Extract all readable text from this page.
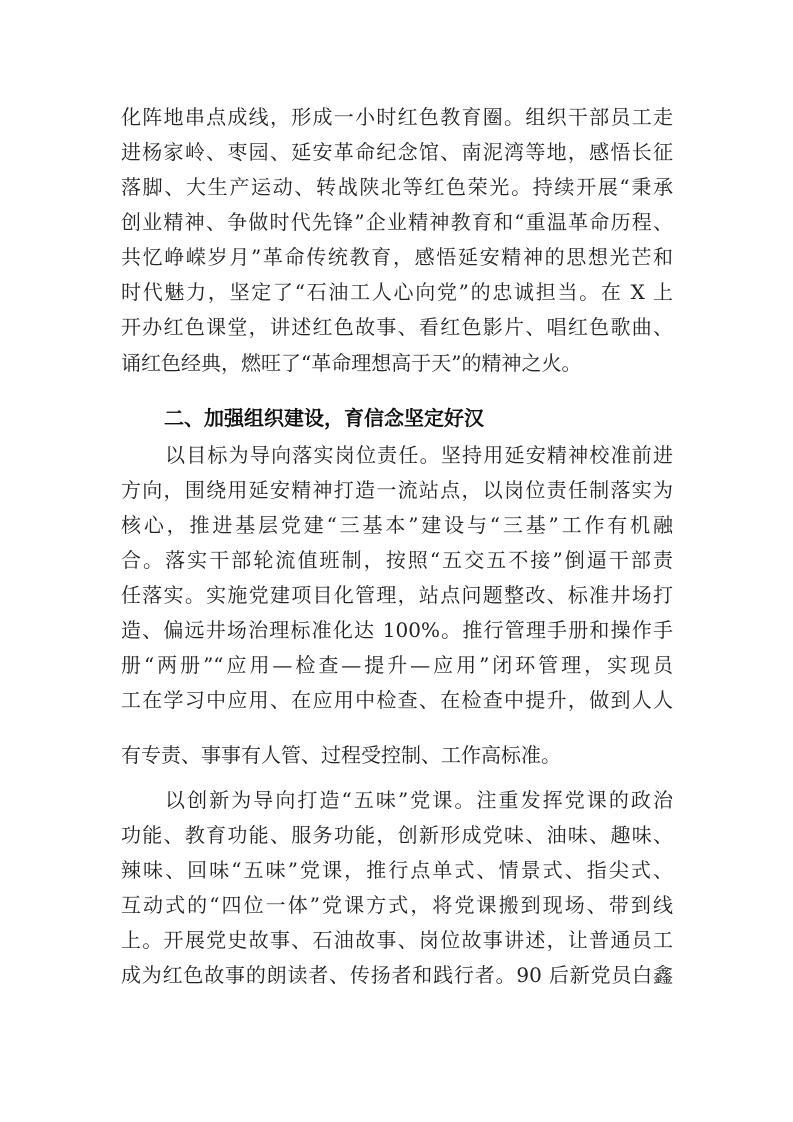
化阵地串点成线，形成一小时红色教育圈。组织干部员工走
进杨家岭、枣园、延安革命纪念馆、南泥湾等地，感悟长征
落脚、大生产运动、转战陕北等红色荣光。持续开展“秉承
创业精神、争做时代先锋”企业精神教育和“重温革命历程、
共忆峥嵘岁月”革命传统教育，感悟延安精神的思想光芒和
时代魅力，坚定了“石油工人心向党”的忠诚担当。在 X 上
开办红色课堂，讲述红色故事、看红色影片、唱红色歌曲、
诵红色经典，燃旺了“革命理想高于天”的精神之火。
二、加强组织建设，育信念坚定好汉
以目标为导向落实岗位责任。坚持用延安精神校准前进
方向，围绕用延安精神打造一流站点，以岗位责任制落实为
核心，推进基层党建“三基本”建设与“三基”工作有机融
合。落实干部轮流值班制，按照“五交五不接”倒逼干部责
任落实。实施党建项目化管理，站点问题整改、标准井场打
造、偏远井场治理标准化达 100%。推行管理手册和操作手
册“两册”“应用—检查—提升—应用”闭环管理，实现员
工在学习中应用、在应用中检查、在检查中提升，做到人人
有专责、事事有人管、过程受控制、工作高标准。
以创新为导向打造“五味”党课。注重发挥党课的政治
功能、教育功能、服务功能，创新形成党味、油味、趣味、
辣味、回味“五味”党课，推行点单式、情景式、指尖式、
互动式的“四位一体”党课方式，将党课搬到现场、带到线
上。开展党史故事、石油故事、岗位故事讲述，让普通员工
成为红色故事的朗读者、传扬者和践行者。90 后新党员白鑫
